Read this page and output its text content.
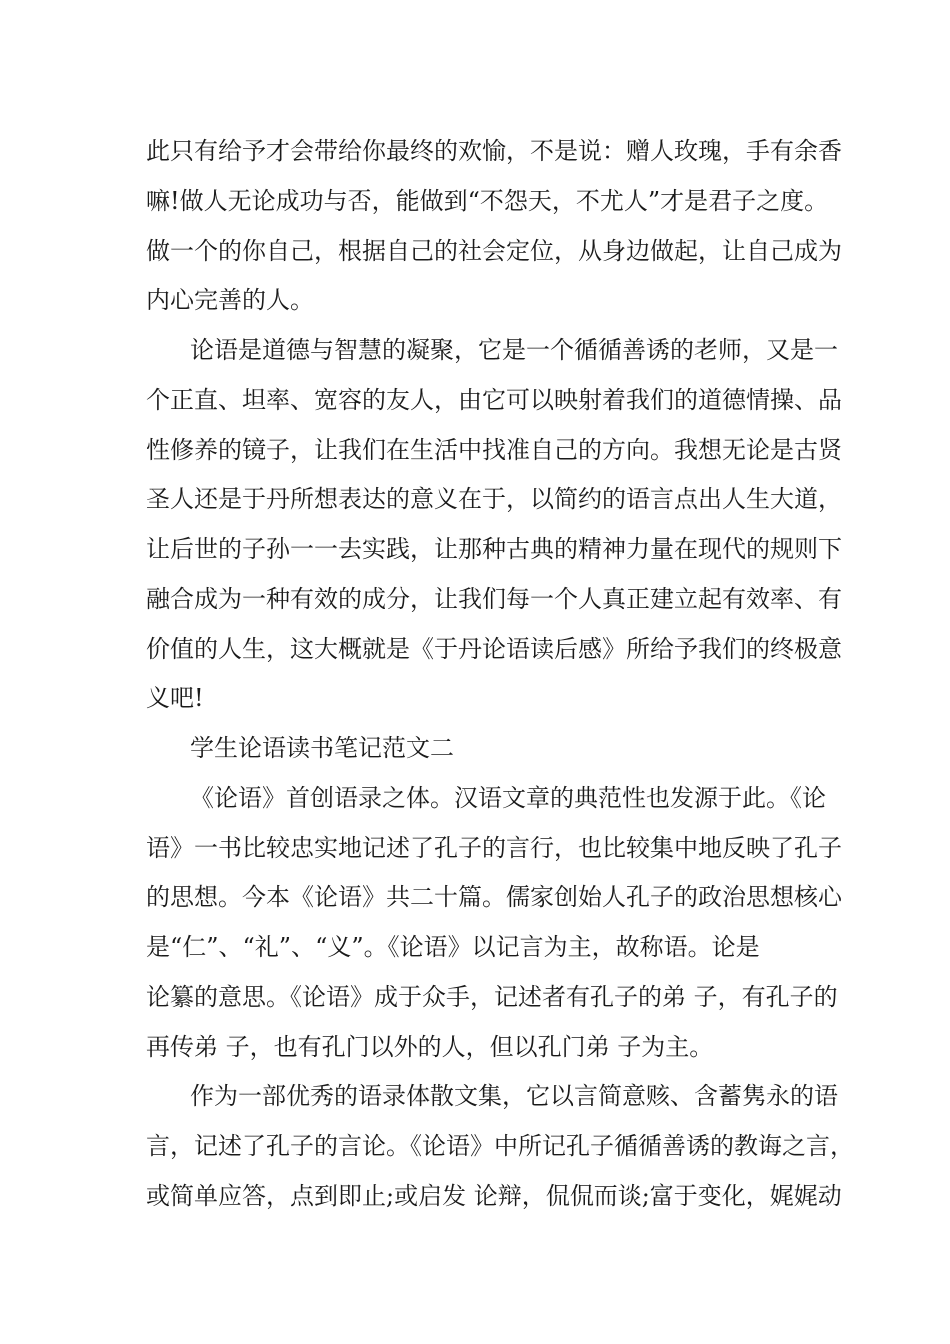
此只有给予才会带给你最终的欢愉，不是说：赠人玫瑰，手有余香
嘛!做人无论成功与否，能做到“不怨天，不尤人”才是君子之度。
做一个的你自己，根据自己的社会定位，从身边做起，让自己成为
内心完善的人。
论语是道德与智慧的凝聚，它是一个循循善诱的老师，又是一
个正直、坦率、宽容的友人，由它可以映射着我们的道德情操、品
性修养的镜子，让我们在生活中找准自己的方向。我想无论是古贤
圣人还是于丹所想表达的意义在于，以简约的语言点出人生大道，
让后世的子孙一一去实践，让那种古典的精神力量在现代的规则下
融合成为一种有效的成分，让我们每一个人真正建立起有效率、有
价值的人生，这大概就是《于丹论语读后感》所给予我们的终极意
义吧!
学生论语读书笔记范文二
《论语》首创语录之体。汉语文章的典范性也发源于此。《论
语》一书比较忠实地记述了孔子的言行，也比较集中地反映了孔子
的思想。今本《论语》共二十篇。儒家创始人孔子的政治思想核心
是“仁”、“礼”、“义”。《论语》以记言为主，故称语。论是
论纂的意思。《论语》成于众手，记述者有孔子的弟 子，有孔子的
再传弟 子，也有孔门以外的人，但以孔门弟 子为主。
作为一部优秀的语录体散文集，它以言简意赅、含蓄隽永的语
言，记述了孔子的言论。《论语》中所记孔子循循善诱的教诲之言，
或简单应答，点到即止;或启发 论辩，侃侃而谈;富于变化，娓娓动
